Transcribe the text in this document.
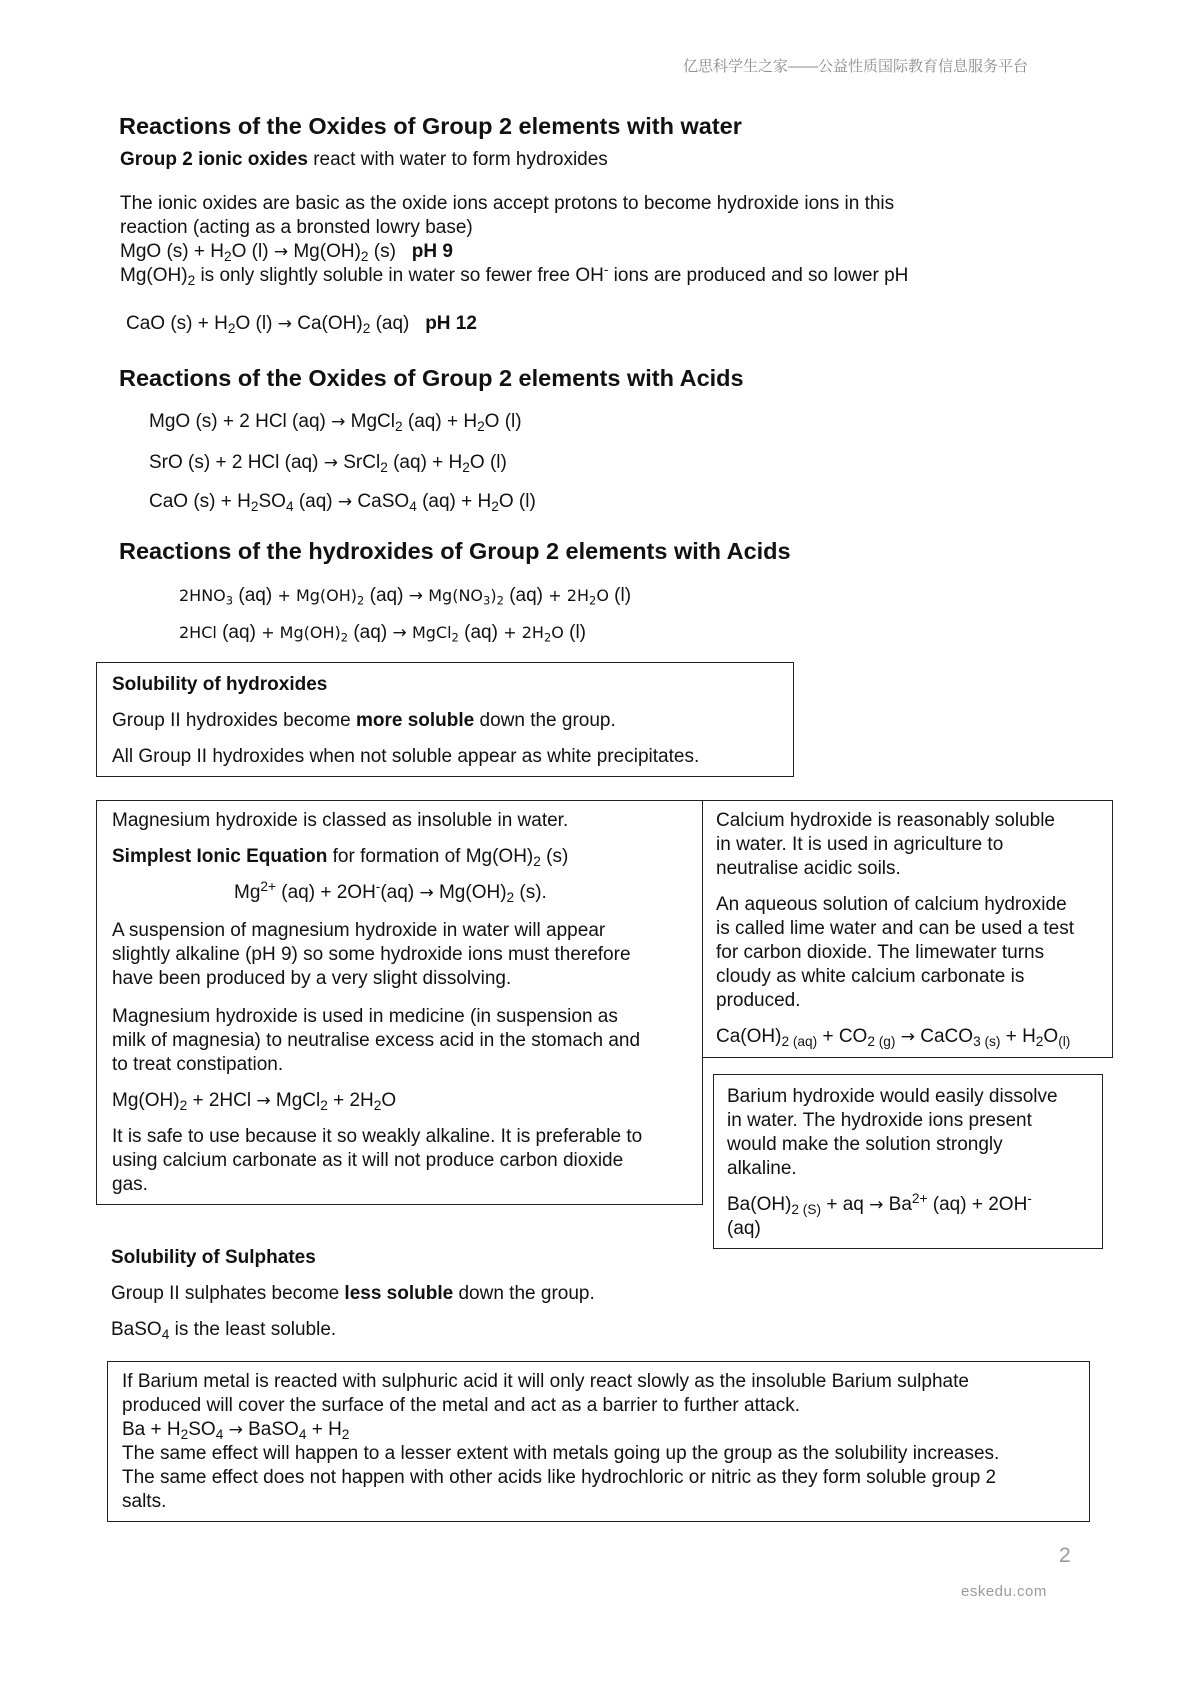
亿思科学生之家——公益性质国际教育信息服务平台
Reactions of the Oxides of Group 2 elements with water
Group 2 ionic oxides react with water to form hydroxides
The ionic oxides are basic as the oxide ions accept protons to become hydroxide ions in this
reaction (acting as a bronsted lowry base)
MgO $(s) + H_2O$ $(l) \to Mg(OH)_2$ (s)   pH 9
$Mg(OH)_2$ is only slightly soluble in water so fewer free OH- ions are produced and so lower pH
CaO $(s) + H_2O$ $(l) \to Ca(OH)_2$ (aq)   pH 12
Reactions of the Oxides of Group 2 elements with Acids
MgO (s) + 2 HCl (aq) → MgCl$_2$ $(aq) + H_2O$ (l)
SrO (s) + 2 HCl (aq) → SrCl$_2$ $(aq) + H_2O$ (l)
CaO $(s) + H_2SO_4$ (aq) → CaSO$_4$ $(aq) + H_2O$ (l)
Reactions of the hydroxides of Group 2 elements with Acids
$2HNO_3$ $(aq) + Mg(OH)_2$ $(aq) \to Mg(NO_3)_2$ $(aq) + 2H_2O$ (l)
2HCl $(aq) + Mg(OH)_2$ (aq) → MgCl$_2$ $(aq) + 2H_2O$ (l)
Solubility of hydroxides
Group II hydroxides become more soluble down the group.
All Group II hydroxides when not soluble appear as white precipitates.
Magnesium hydroxide is classed as insoluble in water.
Simplest Ionic Equation for formation of $Mg(OH)_2$ (s)
$Mg^{2+}$ $(aq) + 2OH^-(aq) \to Mg(OH)_2$ (s).
A suspension of magnesium hydroxide in water will appear
slightly alkaline (pH 9) so some hydroxide ions must therefore
have been produced by a very slight dissolving.
Magnesium hydroxide is used in medicine (in suspension as
milk of magnesia) to neutralise excess acid in the stomach and
to treat constipation.
$Mg(OH)_2 + 2HCl$ → MgCl$_2$ + $2H_2O$
It is safe to use because it so weakly alkaline. It is preferable to
using calcium carbonate as it will not produce carbon dioxide
gas.
Calcium hydroxide is reasonably soluble
in water. It is used in agriculture to
neutralise acidic soils.
An aqueous solution of calcium hydroxide
is called lime water and can be used a test
for carbon dioxide. The limewater turns
cloudy as white calcium carbonate is
produced.
$Ca(OH)_{2 (aq)} + CO_{2 (g)}$ → CaCO$_{3 (s)}$ + $H_2O_{(l)}$
Barium hydroxide would easily dissolve
in water. The hydroxide ions present
would make the solution strongly
alkaline.
$Ba(OH)_{2 (S)}$ + aq → $Ba^{2+}$ (aq) + 2OH-
(aq)
Solubility of Sulphates
Group II sulphates become less soluble down the group.
BaSO$_4$ is the least soluble.
If Barium metal is reacted with sulphuric acid it will only react slowly as the insoluble Barium sulphate
produced will cover the surface of the metal and act as a barrier to further attack.
$Ba + H_2SO_4$ → BaSO$_4$ + $H_2$
The same effect will happen to a lesser extent with metals going up the group as the solubility increases.
The same effect does not happen with other acids like hydrochloric or nitric as they form soluble group 2
salts.
2
eskedu.com
